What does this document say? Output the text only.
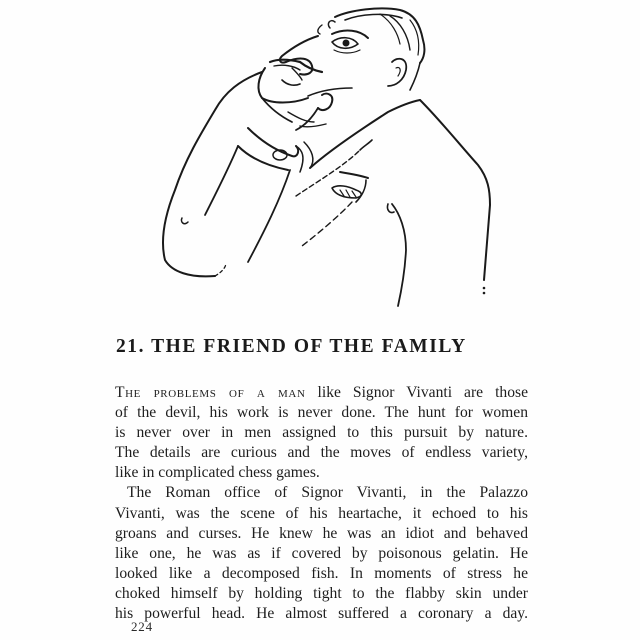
21. THE FRIEND OF THE FAMILY
The problems of a man like Signor Vivanti are those
of the devil, his work is never done. The hunt for women
is never over in men assigned to this pursuit by nature.
The details are curious and the moves of endless variety,
like in complicated chess games.
The Roman office of Signor Vivanti, in the Palazzo
Vivanti, was the scene of his heartache, it echoed to his
groans and curses. He knew he was an idiot and behaved
like one, he was as if covered by poisonous gelatin. He
looked like a decomposed fish. In moments of stress he
choked himself by holding tight to the flabby skin under
his powerful head. He almost suffered a coronary a day.
224
